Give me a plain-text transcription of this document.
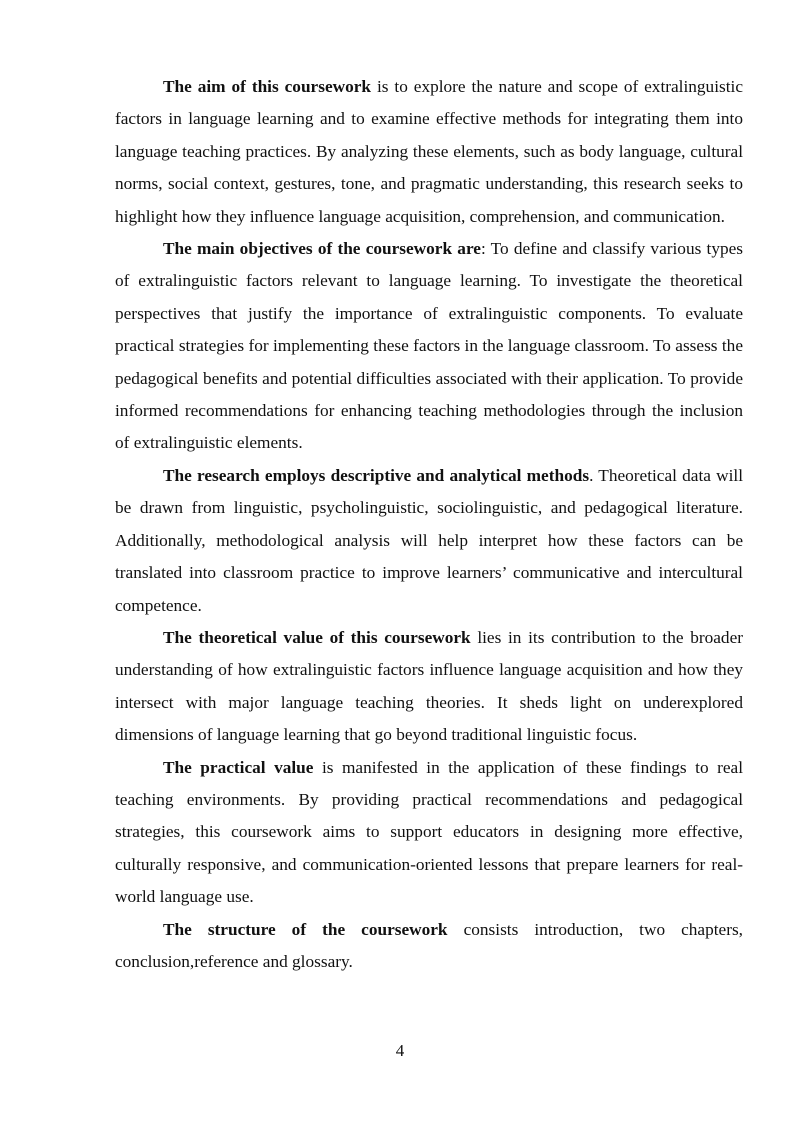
The aim of this coursework is to explore the nature and scope of extralinguistic factors in language learning and to examine effective methods for integrating them into language teaching practices. By analyzing these elements, such as body language, cultural norms, social context, gestures, tone, and pragmatic understanding, this research seeks to highlight how they influence language acquisition, comprehension, and communication.

The main objectives of the coursework are: To define and classify various types of extralinguistic factors relevant to language learning. To investigate the theoretical perspectives that justify the importance of extralinguistic components. To evaluate practical strategies for implementing these factors in the language classroom. To assess the pedagogical benefits and potential difficulties associated with their application. To provide informed recommendations for enhancing teaching methodologies through the inclusion of extralinguistic elements.

The research employs descriptive and analytical methods. Theoretical data will be drawn from linguistic, psycholinguistic, sociolinguistic, and pedagogical literature. Additionally, methodological analysis will help interpret how these factors can be translated into classroom practice to improve learners’ communicative and intercultural competence.

The theoretical value of this coursework lies in its contribution to the broader understanding of how extralinguistic factors influence language acquisition and how they intersect with major language teaching theories. It sheds light on underexplored dimensions of language learning that go beyond traditional linguistic focus.

The practical value is manifested in the application of these findings to real teaching environments. By providing practical recommendations and pedagogical strategies, this coursework aims to support educators in designing more effective, culturally responsive, and communication-oriented lessons that prepare learners for real-world language use.

The structure of the coursework consists introduction, two chapters, conclusion,reference and glossary.

4
